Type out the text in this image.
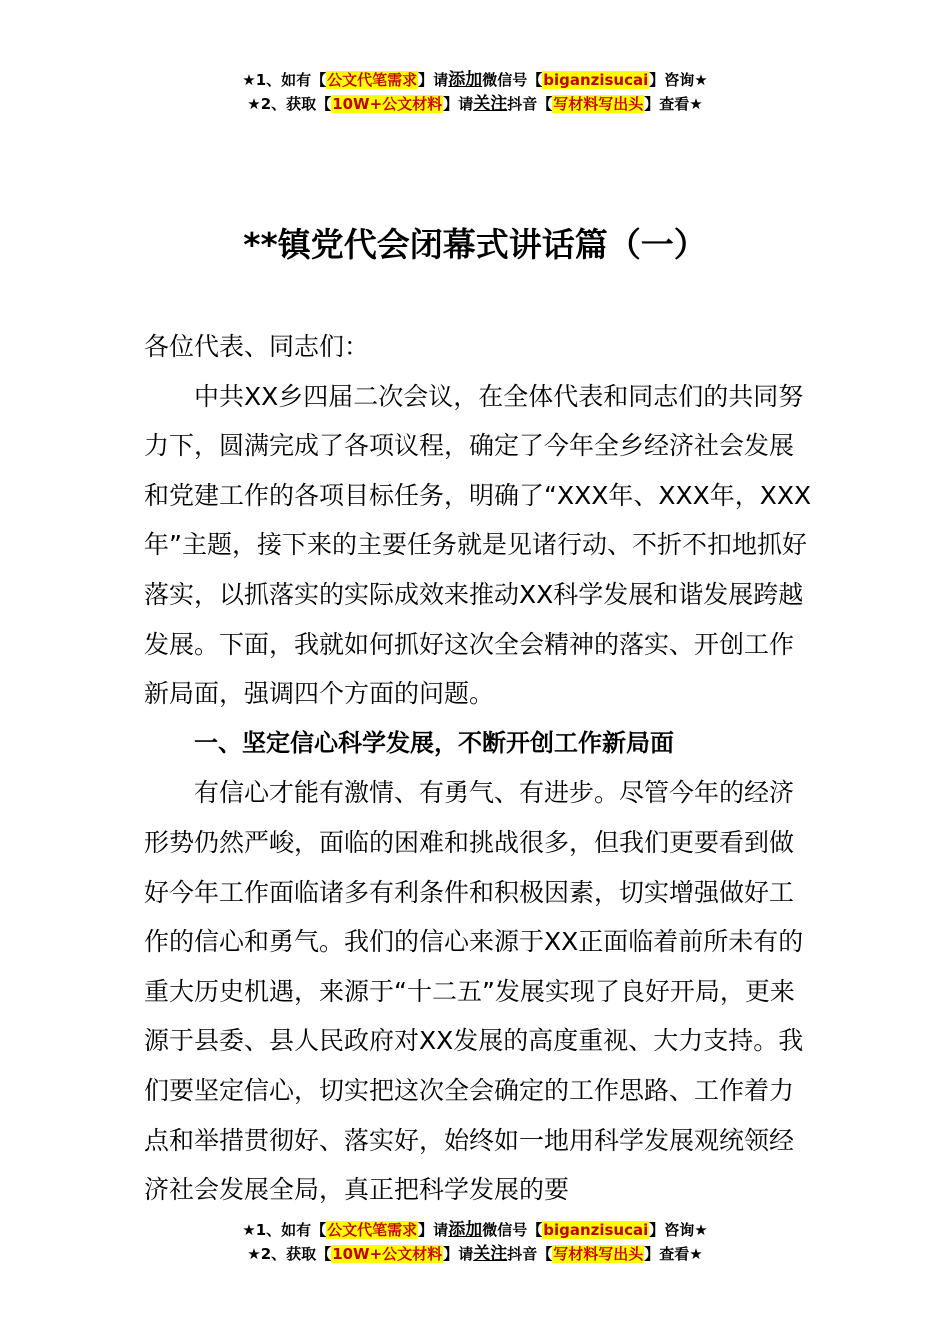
★1、如有【公文代笔需求】请添加微信号【biganzisucai】咨询★
★2、获取【10W+公文材料】请关注抖音【写材料写出头】查看★
**镇党代会闭幕式讲话篇（一）

各位代表、同志们：

中共XX乡四届二次会议，在全体代表和同志们的共同努力下，圆满完成了各项议程，确定了今年全乡经济社会发展和党建工作的各项目标任务，明确了“XXX年、XXX年，XXX年”主题，接下来的主要任务就是见诸行动、不折不扣地抓好落实，以抓落实的实际成效来推动XX科学发展和谐发展跨越发展。下面，我就如何抓好这次全会精神的落实、开创工作新局面，强调四个方面的问题。

一、坚定信心科学发展，不断开创工作新局面

有信心才能有激情、有勇气、有进步。尽管今年的经济形势仍然严峻，面临的困难和挑战很多，但我们更要看到做好今年工作面临诸多有利条件和积极因素，切实增强做好工作的信心和勇气。我们的信心来源于XX正面临着前所未有的重大历史机遇，来源于“十二五”发展实现了良好开局，更来源于县委、县人民政府对XX发展的高度重视、大力支持。我们要坚定信心，切实把这次全会确定的工作思路、工作着力点和举措贯彻好、落实好，始终如一地用科学发展观统领经济社会发展全局，真正把科学发展的要

★1、如有【公文代笔需求】请添加微信号【biganzisucai】咨询★
★2、获取【10W+公文材料】请关注抖音【写材料写出头】查看★
